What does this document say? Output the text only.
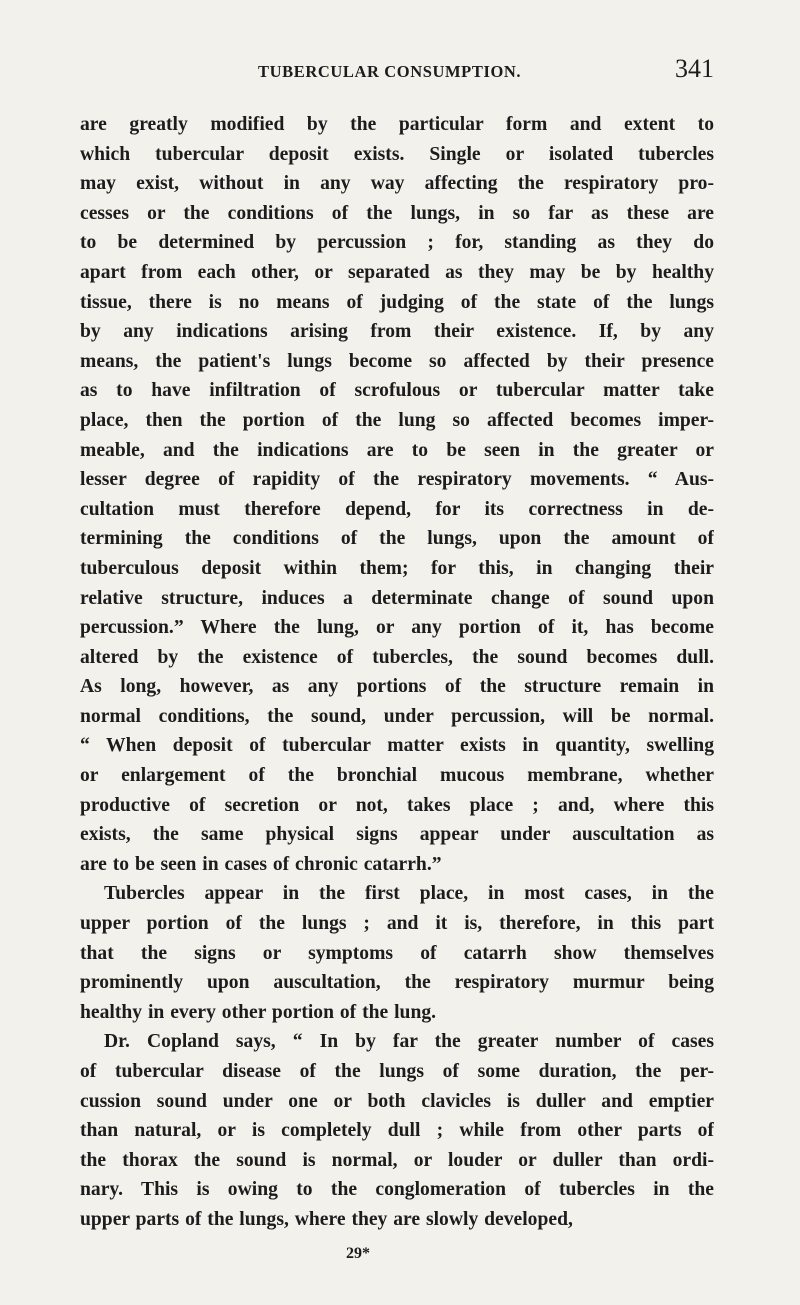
TUBERCULAR CONSUMPTION.	341
are greatly modified by the particular form and extent to
which tubercular deposit exists. Single or isolated tubercles
may exist, without in any way affecting the respiratory pro-
cesses or the conditions of the lungs, in so far as these are
to be determined by percussion ; for, standing as they do
apart from each other, or separated as they may be by healthy
tissue, there is no means of judging of the state of the lungs
by any indications arising from their existence. If, by any
means, the patient's lungs become so affected by their presence
as to have infiltration of scrofulous or tubercular matter take
place, then the portion of the lung so affected becomes imper-
meable, and the indications are to be seen in the greater or
lesser degree of rapidity of the respiratory movements. “ Aus-
cultation must therefore depend, for its correctness in de-
termining the conditions of the lungs, upon the amount of
tuberculous deposit within them; for this, in changing their
relative structure, induces a determinate change of sound upon
percussion.” Where the lung, or any portion of it, has become
altered by the existence of tubercles, the sound becomes dull.
As long, however, as any portions of the structure remain in
normal conditions, the sound, under percussion, will be normal.
“ When deposit of tubercular matter exists in quantity, swelling
or enlargement of the bronchial mucous membrane, whether
productive of secretion or not, takes place ; and, where this
exists, the same physical signs appear under auscultation as
are to be seen in cases of chronic catarrh.”
Tubercles appear in the first place, in most cases, in the
upper portion of the lungs ; and it is, therefore, in this part
that the signs or symptoms of catarrh show themselves
prominently upon auscultation, the respiratory murmur being
healthy in every other portion of the lung.
Dr. Copland says, “ In by far the greater number of cases
of tubercular disease of the lungs of some duration, the per-
cussion sound under one or both clavicles is duller and emptier
than natural, or is completely dull ; while from other parts of
the thorax the sound is normal, or louder or duller than ordi-
nary. This is owing to the conglomeration of tubercles in the
upper parts of the lungs, where they are slowly developed,
29*
